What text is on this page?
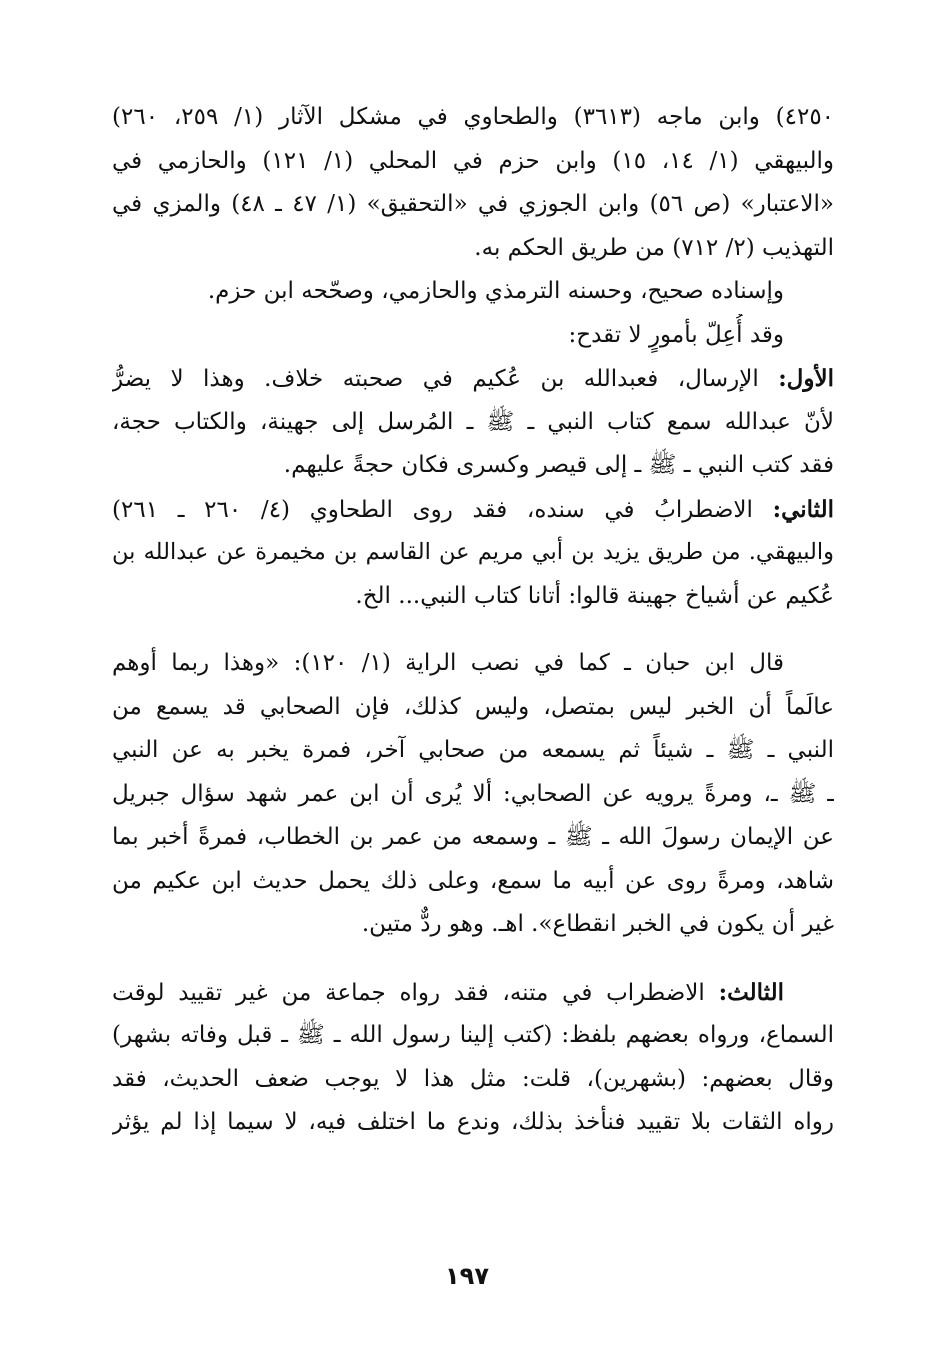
٤٢٥٠) وابن ماجه (٣٦١٣) والطحاوي في مشكل الآثار (١/ ٢٥٩، ٢٦٠)
والبيهقي (١/ ١٤، ١٥) وابن حزم في المحلي (١/ ١٢١) والحازمي في
«الاعتبار» (ص ٥٦) وابن الجوزي في «التحقيق» (١/ ٤٧ ـ ٤٨) والمزي في
التهذيب (٢/ ٧١٢) من طريق الحكم به.
وإسناده صحيح، وحسنه الترمذي والحازمي، وصحّحه ابن حزم.
وقد أُعِلّ بأمورٍ لا تقدح:
الأول: الإرسال، فعبدالله بن عُكيم في صحبته خلاف. وهذا لا يضرُّ
لأنّ عبدالله سمع كتاب النبي ـ ﷺ ـ المُرسل إلى جهينة، والكتاب حجة،
فقد كتب النبي ـ ﷺ ـ إلى قيصر وكسرى فكان حجةً عليهم.
الثاني: الاضطرابُ في سنده، فقد روى الطحاوي (٤/ ٢٦٠ ـ ٢٦١)
والبيهقي. من طريق يزيد بن أبي مريم عن القاسم بن مخيمرة عن عبدالله بن
عُكيم عن أشياخ جهينة قالوا: أتانا كتاب النبي... الخ.
قال ابن حبان ـ كما في نصب الراية (١/ ١٢٠): «وهذا ربما أوهم
عالَماً أن الخبر ليس بمتصل، وليس كذلك، فإن الصحابي قد يسمع من
النبي ـ ﷺ ـ شيئاً ثم يسمعه من صحابي آخر، فمرة يخبر به عن النبي
ـ ﷺ ـ، ومرةً يرويه عن الصحابي: ألا يُرى أن ابن عمر شهد سؤال جبريل
عن الإيمان رسولَ الله ـ ﷺ ـ وسمعه من عمر بن الخطاب، فمرةً أخبر بما
شاهد، ومرةً روى عن أبيه ما سمع، وعلى ذلك يحمل حديث ابن عكيم من
غير أن يكون في الخبر انقطاع». اهـ. وهو ردٌّ متين.
الثالث: الاضطراب في متنه، فقد رواه جماعة من غير تقييد لوقت
السماع، ورواه بعضهم بلفظ: (كتب إلينا رسول الله ـ ﷺ ـ قبل وفاته بشهر)
وقال بعضهم: (بشهرين)، قلت: مثل هذا لا يوجب ضعف الحديث، فقد
رواه الثقات بلا تقييد فنأخذ بذلك، وندع ما اختلف فيه، لا سيما إذا لم يؤثر
١٩٧
